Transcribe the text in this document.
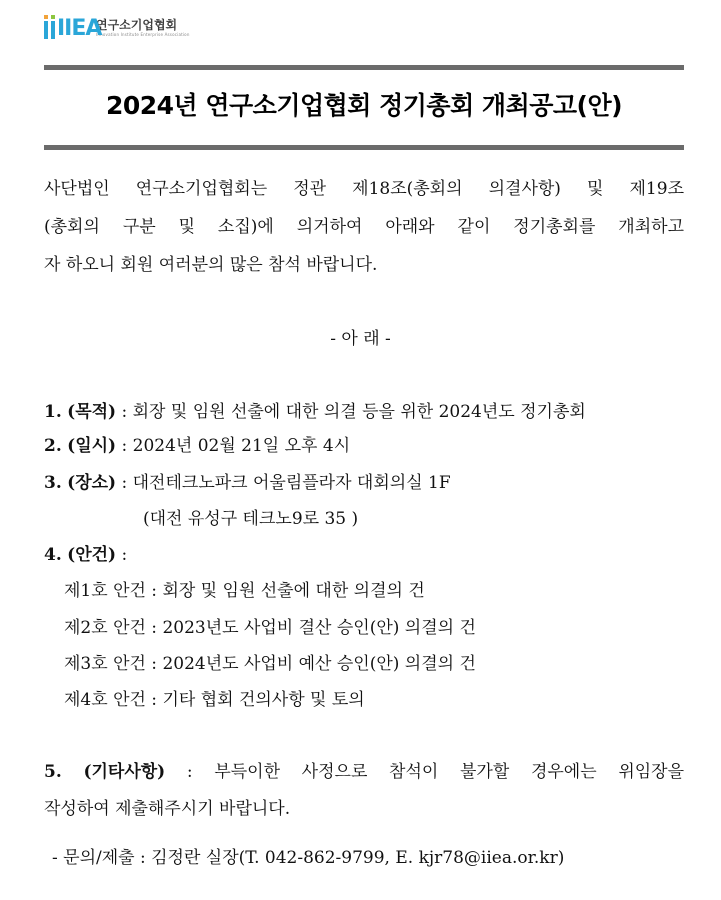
IIEA
연구소기업협회
Innovation Institute Enterprise Association
2024년 연구소기업협회 정기총회 개최공고(안)
사단법인 연구소기업협회는 정관 제18조(총회의 의결사항) 및 제19조
(총회의 구분 및 소집)에 의거하여 아래와 같이 정기총회를 개최하고
자 하오니 회원 여러분의 많은 참석 바랍니다.
- 아 래 -
1. (목적) : 회장 및 임원 선출에 대한 의결 등을 위한 2024년도 정기총회
2. (일시) : 2024년 02월 21일 오후 4시
3. (장소) : 대전테크노파크 어울림플라자 대회의실 1F
(대전 유성구 테크노9로 35 )
4. (안건) :
제1호 안건 : 회장 및 임원 선출에 대한 의결의 건
제2호 안건 : 2023년도 사업비 결산 승인(안) 의결의 건
제3호 안건 : 2024년도 사업비 예산 승인(안) 의결의 건
제4호 안건 : 기타 협회 건의사항 및 토의
5. (기타사항) : 부득이한 사정으로 참석이 불가할 경우에는 위임장을
작성하여 제출해주시기 바랍니다.
- 문의/제출 : 김정란 실장(T. 042-862-9799, E. kjr78@iiea.or.kr)
